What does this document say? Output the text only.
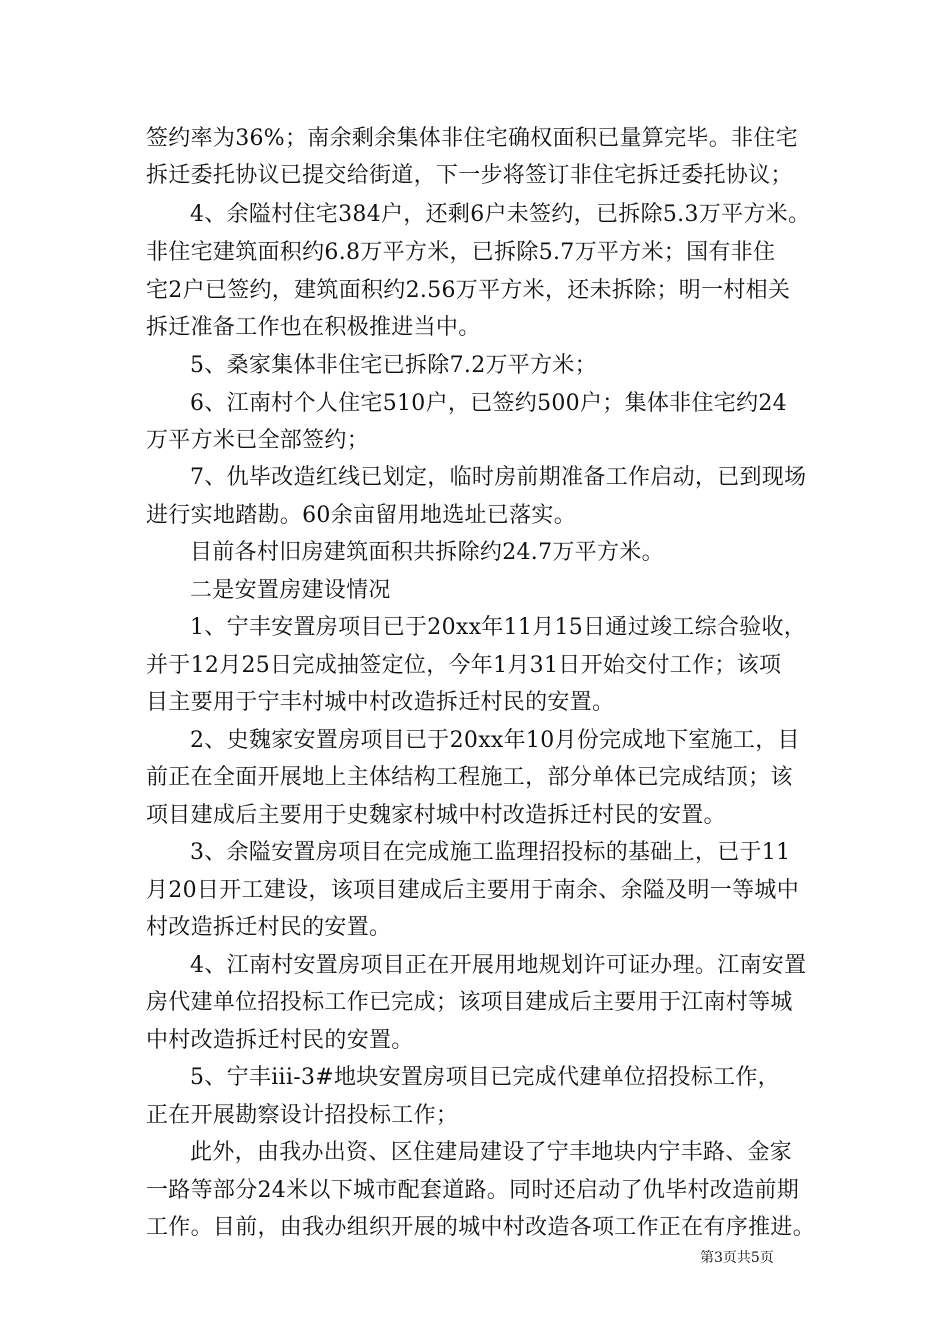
签约率为36%；南余剩余集体非住宅确权面积已量算完毕。非住宅
拆迁委托协议已提交给街道，下一步将签订非住宅拆迁委托协议；
4、余隘村住宅384户，还剩6户未签约，已拆除5.3万平方米。
非住宅建筑面积约6.8万平方米，已拆除5.7万平方米；国有非住
宅2户已签约，建筑面积约2.56万平方米，还未拆除；明一村相关
拆迁准备工作也在积极推进当中。
5、桑家集体非住宅已拆除7.2万平方米；
6、江南村个人住宅510户，已签约500户；集体非住宅约24
万平方米已全部签约；
7、仇毕改造红线已划定，临时房前期准备工作启动，已到现场
进行实地踏勘。60余亩留用地选址已落实。
目前各村旧房建筑面积共拆除约24.7万平方米。
二是安置房建设情况
1、宁丰安置房项目已于20xx年11月15日通过竣工综合验收，
并于12月25日完成抽签定位，今年1月31日开始交付工作；该项
目主要用于宁丰村城中村改造拆迁村民的安置。
2、史魏家安置房项目已于20xx年10月份完成地下室施工，目
前正在全面开展地上主体结构工程施工，部分单体已完成结顶；该
项目建成后主要用于史魏家村城中村改造拆迁村民的安置。
3、余隘安置房项目在完成施工监理招投标的基础上，已于11
月20日开工建设，该项目建成后主要用于南余、余隘及明一等城中
村改造拆迁村民的安置。
4、江南村安置房项目正在开展用地规划许可证办理。江南安置
房代建单位招投标工作已完成；该项目建成后主要用于江南村等城
中村改造拆迁村民的安置。
5、宁丰iii-3#地块安置房项目已完成代建单位招投标工作，
正在开展勘察设计招投标工作；
此外，由我办出资、区住建局建设了宁丰地块内宁丰路、金家
一路等部分24米以下城市配套道路。同时还启动了仇毕村改造前期
工作。目前，由我办组织开展的城中村改造各项工作正在有序推进。
第3页共5页
